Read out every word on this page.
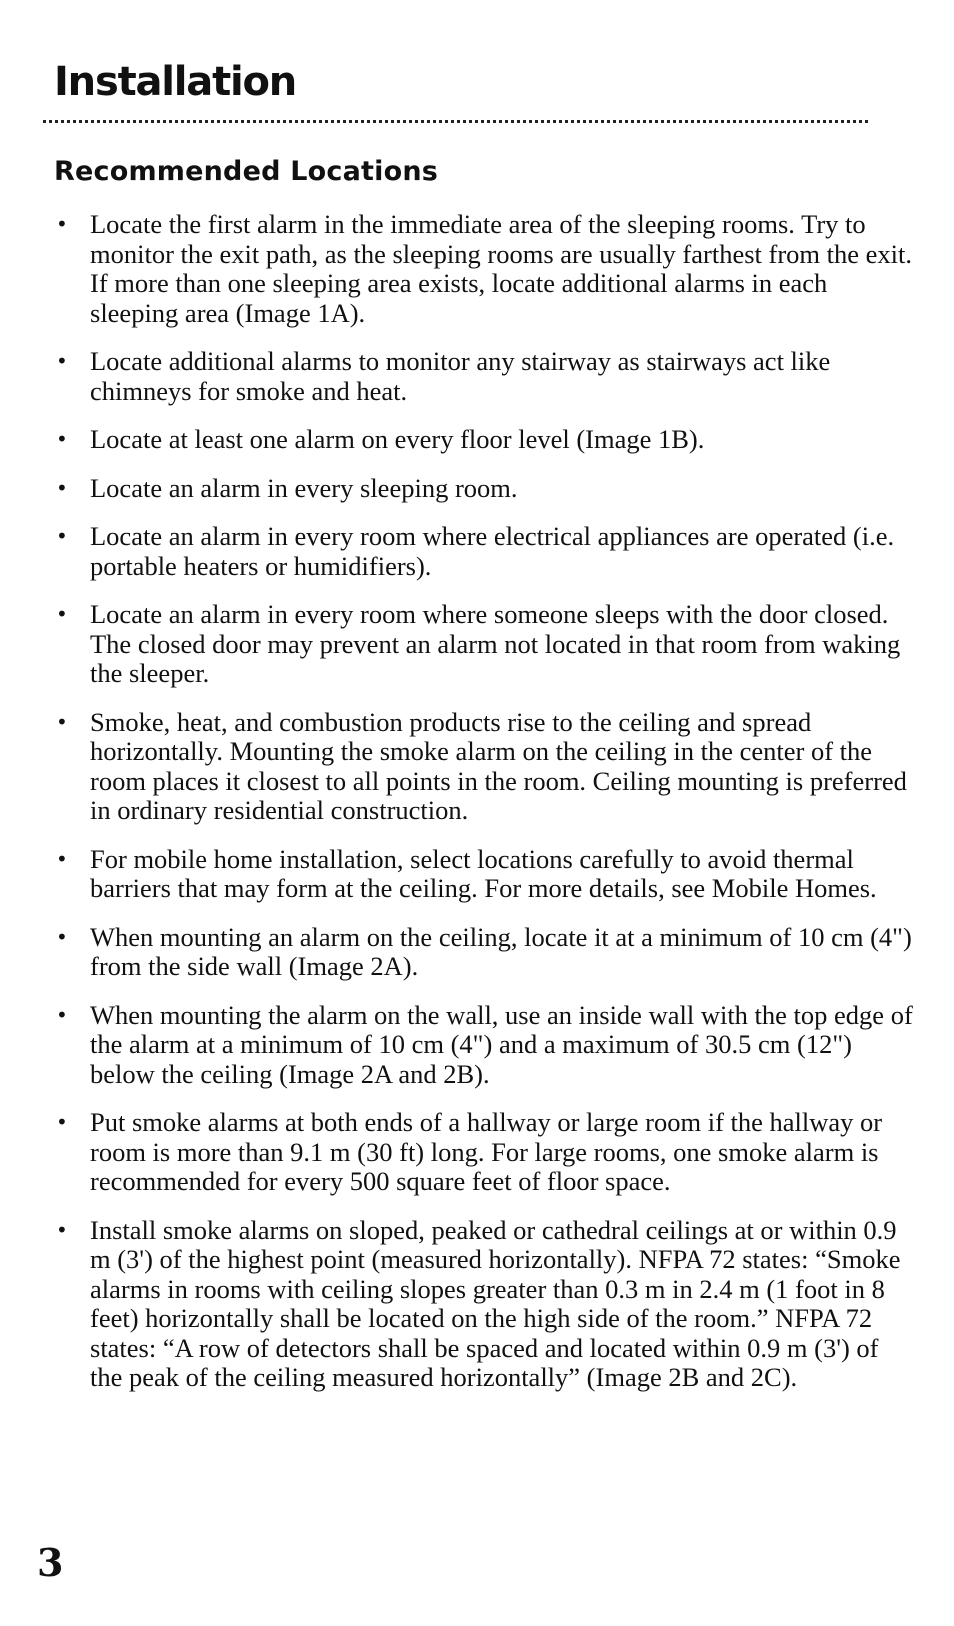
Installation
Recommended Locations
• Locate the first alarm in the immediate area of the sleeping rooms. Try to monitor the exit path, as the sleeping rooms are usually farthest from the exit. If more than one sleeping area exists, locate additional alarms in each sleeping area (Image 1A).
• Locate additional alarms to monitor any stairway as stairways act like chimneys for smoke and heat.
• Locate at least one alarm on every floor level (Image 1B).
• Locate an alarm in every sleeping room.
• Locate an alarm in every room where electrical appliances are operated (i.e. portable heaters or humidifiers).
• Locate an alarm in every room where someone sleeps with the door closed. The closed door may prevent an alarm not located in that room from waking the sleeper.
• Smoke, heat, and combustion products rise to the ceiling and spread horizontally. Mounting the smoke alarm on the ceiling in the center of the room places it closest to all points in the room. Ceiling mounting is preferred in ordinary residential construction.
• For mobile home installation, select locations carefully to avoid thermal barriers that may form at the ceiling. For more details, see Mobile Homes.
• When mounting an alarm on the ceiling, locate it at a minimum of 10 cm (4") from the side wall (Image 2A).
• When mounting the alarm on the wall, use an inside wall with the top edge of the alarm at a minimum of 10 cm (4") and a maximum of 30.5 cm (12") below the ceiling (Image 2A and 2B).
• Put smoke alarms at both ends of a hallway or large room if the hallway or room is more than 9.1 m (30 ft) long. For large rooms, one smoke alarm is recommended for every 500 square feet of floor space.
• Install smoke alarms on sloped, peaked or cathedral ceilings at or within 0.9 m (3') of the highest point (measured horizontally). NFPA 72 states: “Smoke alarms in rooms with ceiling slopes greater than 0.3 m in 2.4 m (1 foot in 8 feet) horizontally shall be located on the high side of the room.” NFPA 72 states: “A row of detectors shall be spaced and located within 0.9 m (3') of the peak of the ceiling measured horizontally” (Image 2B and 2C).
3
